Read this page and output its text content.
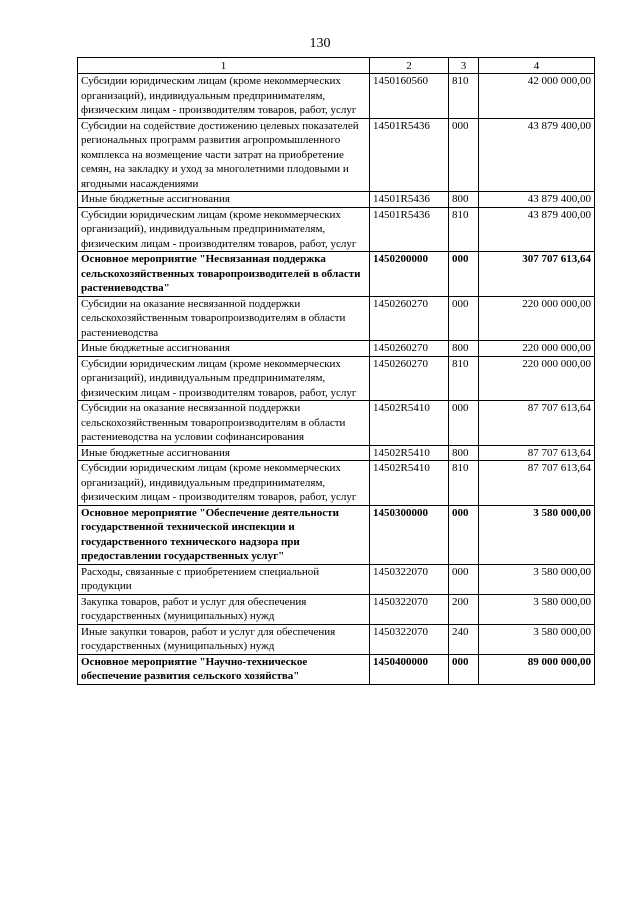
130
1	2	3	4
Субсидии юридическим лицам (кроме некоммерческих организаций), индивидуальным предпринимателям, физическим лицам - производителям товаров, работ, услуг	1450160560	810	42 000 000,00
Субсидии на содействие достижению целевых показателей региональных программ развития агропромышленного комплекса на возмещение части затрат на приобретение семян, на закладку и уход за многолетними плодовыми и ягодными насаждениями	14501R5436	000	43 879 400,00
Иные бюджетные ассигнования	14501R5436	800	43 879 400,00
Субсидии юридическим лицам (кроме некоммерческих организаций), индивидуальным предпринимателям, физическим лицам - производителям товаров, работ, услуг	14501R5436	810	43 879 400,00
Основное мероприятие "Несвязанная поддержка сельскохозяйственных товаропроизводителей в области растениеводства"	1450200000	000	307 707 613,64
Субсидии на оказание несвязанной поддержки сельскохозяйственным товаропроизводителям в области растениеводства	1450260270	000	220 000 000,00
Иные бюджетные ассигнования	1450260270	800	220 000 000,00
Субсидии юридическим лицам (кроме некоммерческих организаций), индивидуальным предпринимателям, физическим лицам - производителям товаров, работ, услуг	1450260270	810	220 000 000,00
Субсидии на оказание несвязанной поддержки сельскохозяйственным товаропроизводителям в области растениеводства на условии софинансирования	14502R5410	000	87 707 613,64
Иные бюджетные ассигнования	14502R5410	800	87 707 613,64
Субсидии юридическим лицам (кроме некоммерческих организаций), индивидуальным предпринимателям, физическим лицам - производителям товаров, работ, услуг	14502R5410	810	87 707 613,64
Основное мероприятие "Обеспечение деятельности государственной технической инспекции и государственного технического надзора при предоставлении государственных услуг"	1450300000	000	3 580 000,00
Расходы, связанные с приобретением специальной продукции	1450322070	000	3 580 000,00
Закупка товаров, работ и услуг для обеспечения государственных (муниципальных) нужд	1450322070	200	3 580 000,00
Иные закупки товаров, работ и услуг для обеспечения государственных (муниципальных) нужд	1450322070	240	3 580 000,00
Основное мероприятие "Научно-техническое обеспечение развития сельского хозяйства"	1450400000	000	89 000 000,00
